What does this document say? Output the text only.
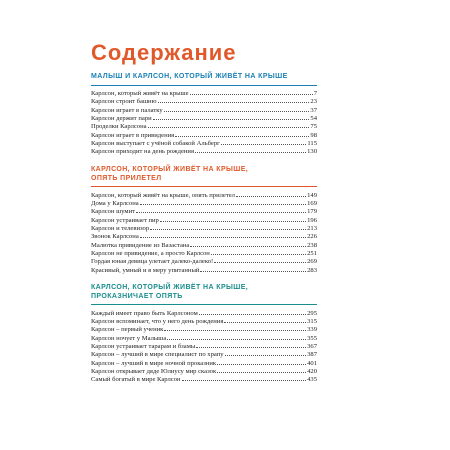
Содержание
МАЛЫШ И КАРЛСОН, КОТОРЫЙ ЖИВЁТ НА КРЫШЕ
Карлсон, который живёт на крыше	7
Карлсон строит башню	23
Карлсон играет в палатку	37
Карлсон держит пари	54
Проделки Карлсона	75
Карлсон играет в привидения	98
Карлсон выступает с учёной собакой Альберг	115
Карлсон приходит на день рождения	130
КАРЛСОН, КОТОРЫЙ ЖИВЁТ НА КРЫШЕ,
ОПЯТЬ ПРИЛЕТЕЛ
Карлсон, который живёт на крыше, опять прилетел	149
Дома у Карлсона	169
Карлсон шумит	179
Карлсон устраивает пир	196
Карлсон и телевизор	213
Звонок Карлсона	226
Малютка привидение из Вазастана	238
Карлсон не привидение, а просто Карлсон	251
Гордая юная девица улетает далеко-далеко!	269
Красивый, умный и в меру упитанный	283
КАРЛСОН, КОТОРЫЙ ЖИВЁТ НА КРЫШЕ,
ПРОКАЗНИЧАЕТ ОПЯТЬ
Каждый имеет право быть Карлсоном	295
Карлсон вспоминает, что у него день рождения	315
Карлсон – первый ученик	339
Карлсон ночует у Малыша	355
Карлсон устраивает тарарам и бзамы	367
Карлсон – лучший в мире специалист по храпу	387
Карлсон – лучший в мире ночной проказник	401
Карлсон открывает дяде Юлиусу мир сказок	420
Самый богатый в мире Карлсон	435
